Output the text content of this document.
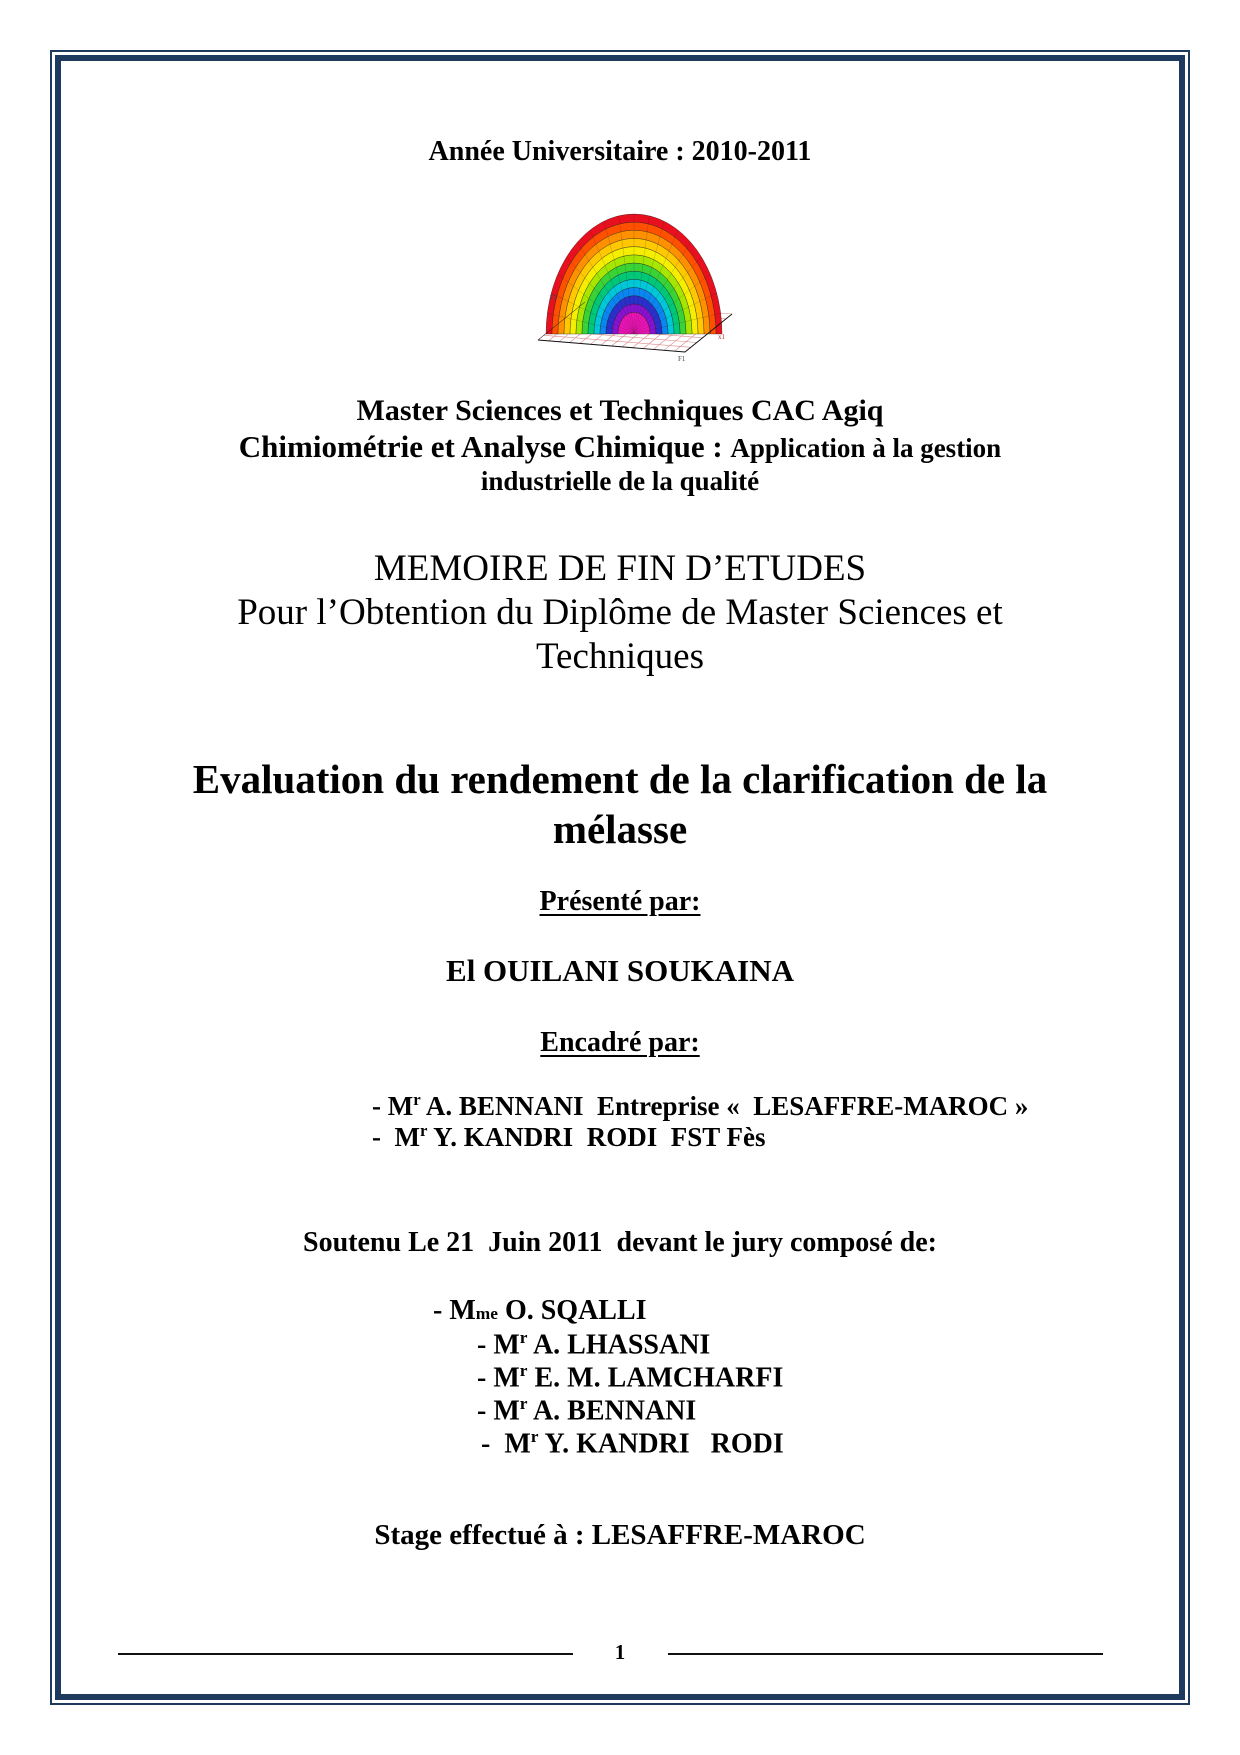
Année Universitaire : 2010-2011
F2
x1
F1
Master Sciences et Techniques CAC Agiq
Chimiométrie et Analyse Chimique : Application à la gestion
industrielle de la qualité
MEMOIRE DE FIN D’ETUDES
Pour l’Obtention du Diplôme de Master Sciences et
Techniques
Evaluation du rendement de la clarification de la
mélasse
Présenté par:
El OUILANI SOUKAINA
Encadré par:
- $M^r$ A. BENNANI  Entreprise «  LESAFFRE-MAROC »
-  $M^r$ Y. KANDRI  RODI  FST Fès
Soutenu Le 21  Juin 2011  devant le jury composé de:
- Mme O. SQALLI
- $M^r$ A. LHASSANI
- $M^r$ E. M. LAMCHARFI
- $M^r$ A. BENNANI
-  $M^r$ Y. KANDRI   RODI
Stage effectué à : LESAFFRE-MAROC
1
